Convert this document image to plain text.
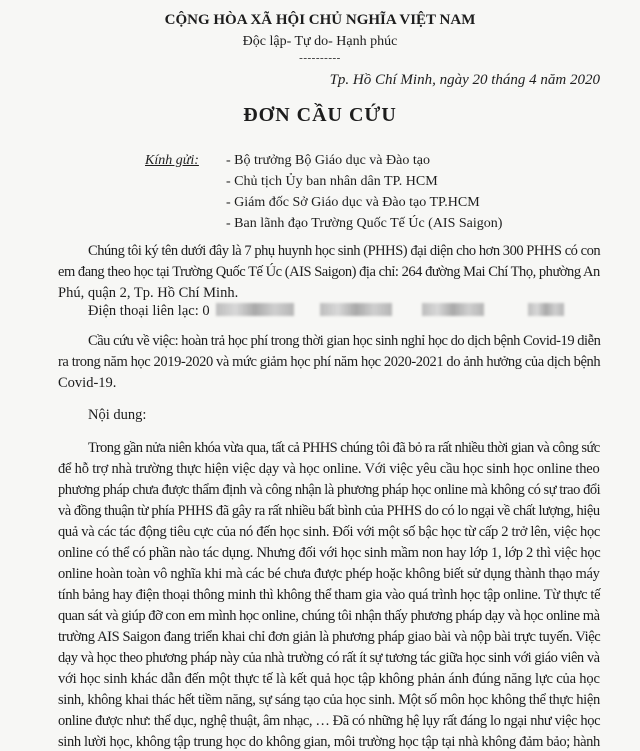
CỘNG HÒA XÃ HỘI CHỦ NGHĨA VIỆT NAM
Độc lập- Tự do- Hạnh phúc
----------
Tp. Hồ Chí Minh, ngày 20 tháng 4 năm 2020
ĐƠN CẦU CỨU
Kính gửi: - Bộ trưởng Bộ Giáo dục và Đào tạo
- Chủ tịch Ủy ban nhân dân TP. HCM
- Giám đốc Sở Giáo dục và Đào tạo TP.HCM
- Ban lãnh đạo Trường Quốc Tế Úc (AIS Saigon)
Chúng tôi ký tên dưới đây là 7 phụ huynh học sinh (PHHS) đại diện cho hơn 300 PHHS có con
em đang theo học tại Trường Quốc Tế Úc (AIS Saigon) địa chỉ: 264 đường Mai Chí Thọ, phường An
Phú, quận 2, Tp. Hồ Chí Minh.
Điện thoại liên lạc: 0
Cầu cứu về việc: hoàn trả học phí trong thời gian học sinh nghỉ học do dịch bệnh Covid-19 diễn
ra trong năm học 2019-2020 và mức giảm học phí năm học 2020-2021 do ảnh hưởng của dịch bệnh
Covid-19.
Nội dung:
Trong gần nửa niên khóa vừa qua, tất cả PHHS chúng tôi đã bỏ ra rất nhiều thời gian và công sức
để hỗ trợ nhà trường thực hiện việc dạy và học online. Với việc yêu cầu học sinh học online theo
phương pháp chưa được thẩm định và công nhận là phương pháp học online mà không có sự trao đổi
và đồng thuận từ phía PHHS đã gây ra rất nhiều bất bình của PHHS do có lo ngại về chất lượng, hiệu
quả và các tác động tiêu cực của nó đến học sinh. Đối với một số bậc học từ cấp 2 trở lên, việc học
online có thể có phần nào tác dụng. Nhưng đối với học sinh mầm non hay lớp 1, lớp 2 thì việc học
online hoàn toàn vô nghĩa khi mà các bé chưa được phép hoặc không biết sử dụng thành thạo máy
tính bảng hay điện thoại thông minh thì không thể tham gia vào quá trình học tập online. Từ thực tế
quan sát và giúp đỡ con em mình học online, chúng tôi nhận thấy phương pháp dạy và học online mà
trường AIS Saigon đang triển khai chỉ đơn giản là phương pháp giao bài và nộp bài trực tuyến. Việc
dạy và học theo phương pháp này của nhà trường có rất ít sự tương tác giữa học sinh với giáo viên và
với học sinh khác dẫn đến một thực tế là kết quả học tập không phản ánh đúng năng lực của học
sinh, không khai thác hết tiềm năng, sự sáng tạo của học sinh. Một số môn học không thể thực hiện
online được như: thể dục, nghệ thuật, âm nhạc, … Đã có những hệ lụy rất đáng lo ngại như việc học
sinh lười học, không tập trung học do không gian, môi trường học tập tại nhà không đảm bảo; hành
